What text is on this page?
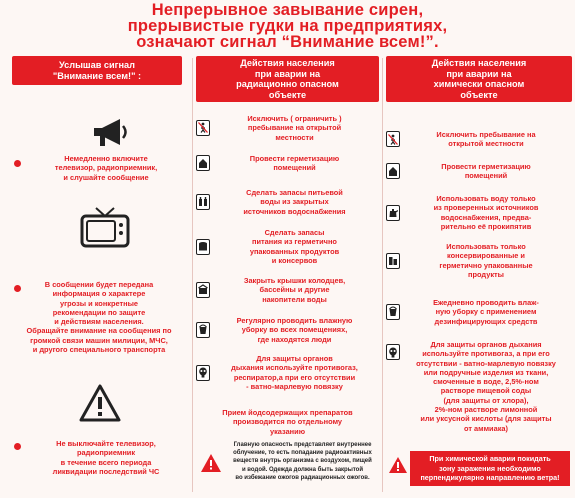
Непрерывное завывание сирен,
прерывистые гудки на предприятиях,
означают сигнал “Внимание всем!”.
Услышав сигнал
"Внимание всем!" :
Немедленно включите
телевизор, радиоприемник,
и слушайте сообщение
В сообщении будет передана
информация о характере
угрозы и конкретные
рекомендации по защите
и действиям населения.
Обращайте внимание на сообщения по
громкой связи машин милиции, МЧС,
и другого специального транспорта
Не выключайте телевизор,
радиоприемник
в течение всего периода
ликвидации последствий ЧС
Действия населения
при аварии на
радиационно опасном
объекте
Исключить ( ограничить )
пребывание на открытой
местности
Провести герметизацию
помещений
Сделать запасы питьевой
воды из закрытых
источников водоснабжения
Сделать запасы
питания из герметично
упакованных продуктов
и консервов
Закрыть крышки колодцев,
бассейны и другие
накопители воды
Регулярно проводить влажную
уборку во всех помещениях,
где находятся люди
Для защиты органов
дыхания используйте противогаз,
респиратор,а при его отсутствии
- ватно-марлевую повязку
Прием йодсодержащих препаратов
производится по отдельному
указанию
Главную опасность представляет внутреннее
облучение, то есть попадание радиоактивных
веществ внутрь организма с воздухом, пищей
и водой. Одежда должна быть закрытой
во избежание ожогов радиационных ожогов.
Действия населения
при аварии на
химически опасном
объекте
Исключить пребывание на
открытой местности
Провести герметизацию
помещений
Использовать воду только
из проверенных источников
водоснабжения, предва-
рительно её прокипятив
Использовать только
консервированные и
герметично упакованные
продукты
Ежедневно проводить влаж-
ную уборку с применением
дезинфицирующих средств
Для защиты органов дыхания
используйте противогаз, а при его
отсутствии - ватно-марлевую повязку
или подручные изделия из ткани,
смоченные в воде, 2,5%-ном
растворе пищевой соды
(для защиты от хлора),
2%-ном растворе лимонной
или уксусной кислоты (для защиты
от аммиака)
При химической аварии покидать
зону заражения необходимо
перпендикулярно направлению ветра!
